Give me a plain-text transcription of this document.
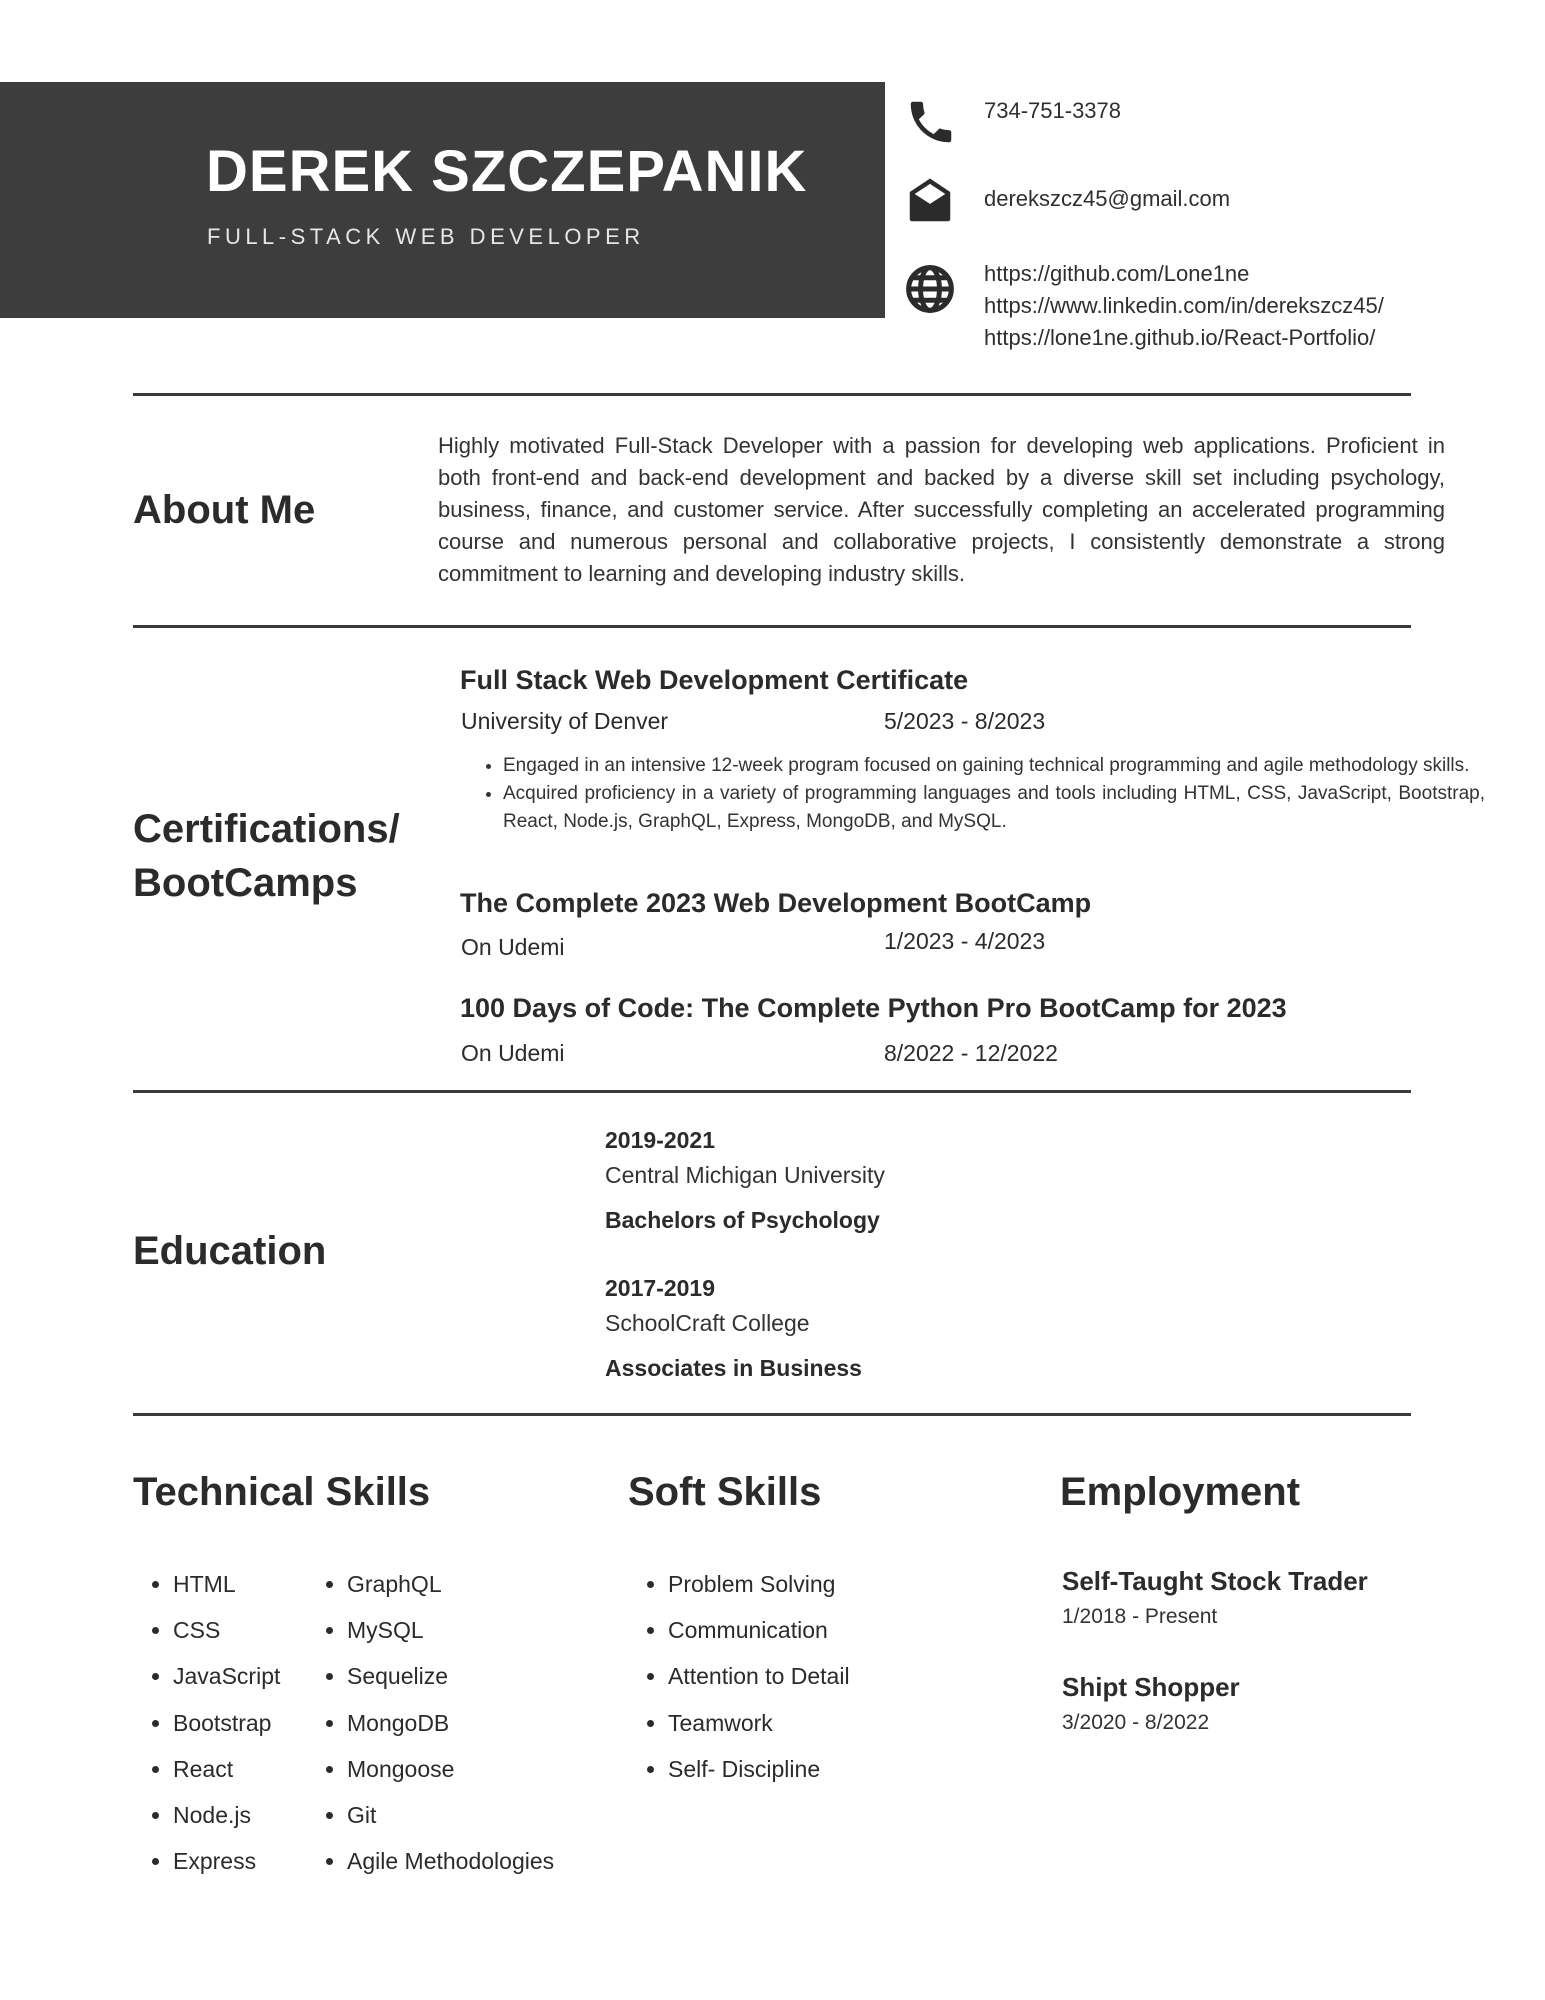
DEREK SZCZEPANIK
FULL-STACK WEB DEVELOPER
734-751-3378
derekszcz45@gmail.com
https://github.com/Lone1ne
https://www.linkedin.com/in/derekszcz45/
https://lone1ne.github.io/React-Portfolio/
About Me
Highly motivated Full-Stack Developer with a passion for developing web applications. Proficient in both front-end and back-end development and backed by a diverse skill set including psychology, business, finance, and customer service. After successfully completing an accelerated programming course and numerous personal and collaborative projects, I consistently demonstrate a strong commitment to learning and developing industry skills.
Certifications/
BootCamps
Full Stack Web Development Certificate
University of Denver	5/2023 - 8/2023
• Engaged in an intensive 12-week program focused on gaining technical programming and agile methodology skills.
• Acquired proficiency in a variety of programming languages and tools including HTML, CSS, JavaScript, Bootstrap, React, Node.js, GraphQL, Express, MongoDB, and MySQL.
The Complete 2023 Web Development BootCamp
On Udemi	1/2023 - 4/2023
100 Days of Code: The Complete Python Pro BootCamp for 2023
On Udemi	8/2022 - 12/2022
Education
2019-2021
Central Michigan University
Bachelors of Psychology
2017-2019
SchoolCraft College
Associates in Business
Technical Skills
• HTML
• CSS
• JavaScript
• Bootstrap
• React
• Node.js
• Express
• GraphQL
• MySQL
• Sequelize
• MongoDB
• Mongoose
• Git
• Agile Methodologies
Soft Skills
• Problem Solving
• Communication
• Attention to Detail
• Teamwork
• Self- Discipline
Employment
Self-Taught Stock Trader
1/2018 - Present
Shipt Shopper
3/2020 - 8/2022
